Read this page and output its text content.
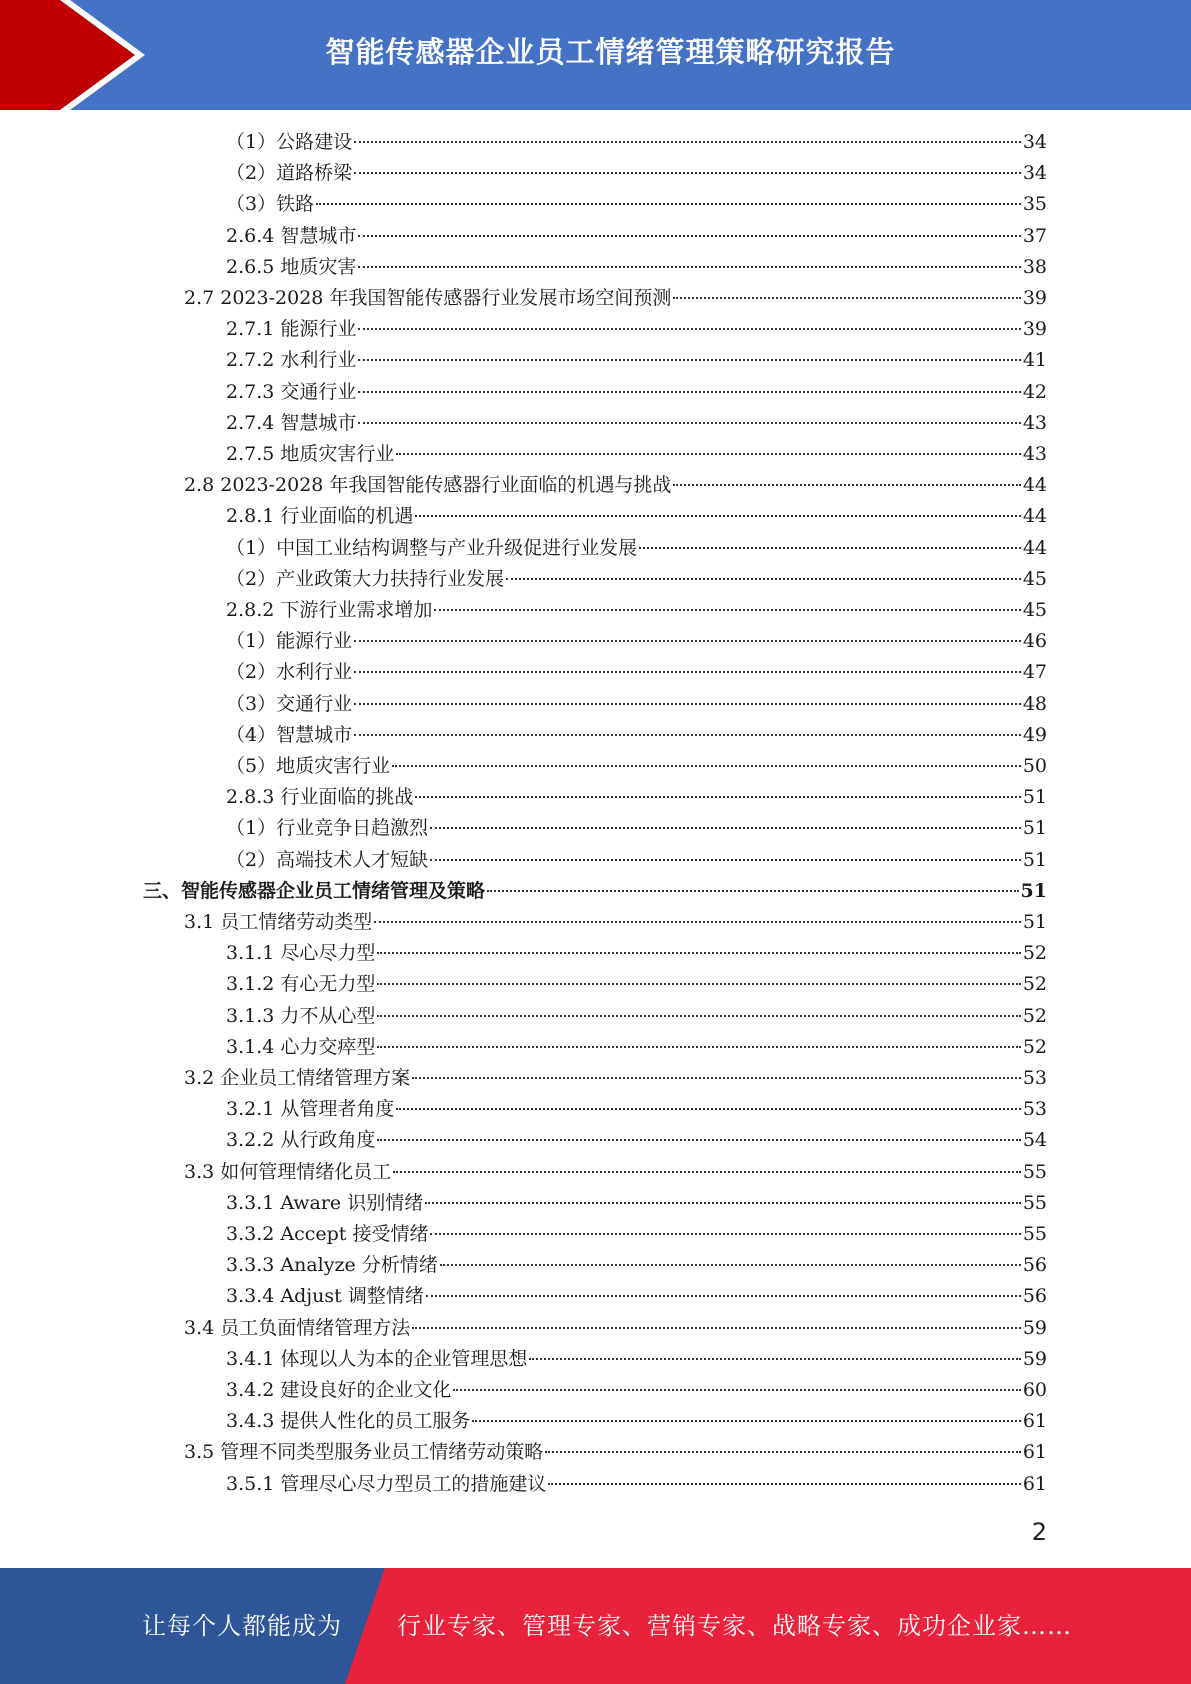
智能传感器企业员工情绪管理策略研究报告
（1）公路建设	34
（2）道路桥梁	34
（3）铁路	35
2.6.4 智慧城市	37
2.6.5 地质灾害	38
2.7 2023-2028 年我国智能传感器行业发展市场空间预测	39
2.7.1 能源行业	39
2.7.2 水利行业	41
2.7.3 交通行业	42
2.7.4 智慧城市	43
2.7.5 地质灾害行业	43
2.8 2023-2028 年我国智能传感器行业面临的机遇与挑战	44
2.8.1 行业面临的机遇	44
（1）中国工业结构调整与产业升级促进行业发展	44
（2）产业政策大力扶持行业发展	45
2.8.2 下游行业需求增加	45
（1）能源行业	46
（2）水利行业	47
（3）交通行业	48
（4）智慧城市	49
（5）地质灾害行业	50
2.8.3 行业面临的挑战	51
（1）行业竞争日趋激烈	51
（2）高端技术人才短缺	51
三、智能传感器企业员工情绪管理及策略	51
3.1 员工情绪劳动类型	51
3.1.1 尽心尽力型	52
3.1.2 有心无力型	52
3.1.3 力不从心型	52
3.1.4 心力交瘁型	52
3.2 企业员工情绪管理方案	53
3.2.1 从管理者角度	53
3.2.2 从行政角度	54
3.3 如何管理情绪化员工	55
3.3.1 Aware 识别情绪	55
3.3.2 Accept 接受情绪	55
3.3.3 Analyze 分析情绪	56
3.3.4 Adjust 调整情绪	56
3.4 员工负面情绪管理方法	59
3.4.1 体现以人为本的企业管理思想	59
3.4.2 建设良好的企业文化	60
3.4.3 提供人性化的员工服务	61
3.5 管理不同类型服务业员工情绪劳动策略	61
3.5.1 管理尽心尽力型员工的措施建议	61
2
让每个人都能成为 行业专家、管理专家、营销专家、战略专家、成功企业家……
